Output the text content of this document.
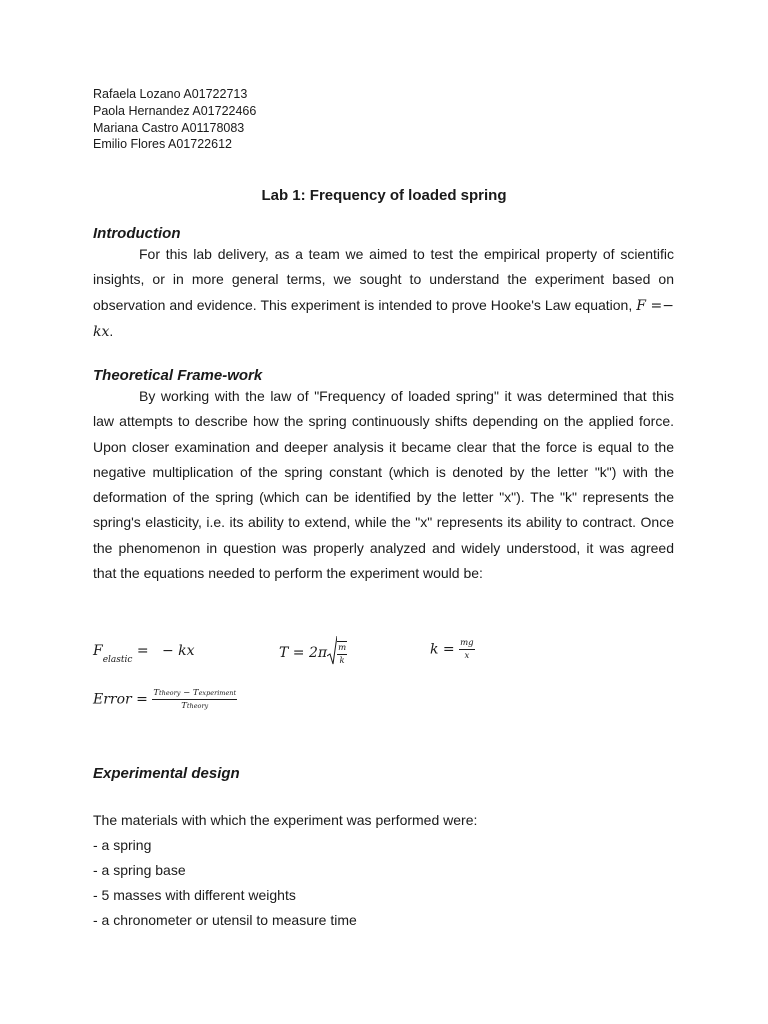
Rafaela Lozano A01722713
Paola Hernandez A01722466
Mariana Castro A01178083
Emilio Flores A01722612
Lab 1: Frequency of loaded spring
Introduction
For this lab delivery, as a team we aimed to test the empirical property of scientific insights, or in more general terms, we sought to understand the experiment based on observation and evidence. This experiment is intended to prove Hooke's Law equation, F =− kx.
Theoretical Frame-work
By working with the law of "Frequency of loaded spring" it was determined that this law attempts to describe how the spring continuously shifts depending on the applied force. Upon closer examination and deeper analysis it became clear that the force is equal to the negative multiplication of the spring constant (which is denoted by the letter "k") with the deformation of the spring (which can be identified by the letter "x"). The "k" represents the spring's elasticity, i.e. its ability to extend, while the "x" represents its ability to contract. Once the phenomenon in question was properly analyzed and widely understood, it was agreed that the equations needed to perform the experiment would be:
$F_{elastic}$ =   − kx	$T = 2\pi \frac{m}{k}$	$k = \frac{mg}{x}$
Error = $\frac{\text{Ttheory − Texperiment}}{\text{Ttheory}}$
Experimental design
The materials with which the experiment was performed were:
- a spring
- a spring base
- 5 masses with different weights
- a chronometer or utensil to measure time
